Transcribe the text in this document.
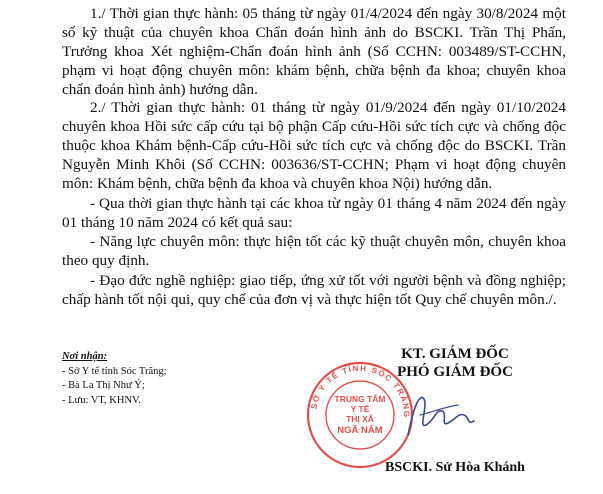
1./ Thời gian thực hành: 05 tháng từ ngày 01/4/2024 đến ngày 30/8/2024 một số kỹ thuật của chuyên khoa Chẩn đoán hình ảnh do BSCKI. Trần Thị Phấn, Trưởng khoa Xét nghiệm-Chẩn đoán hình ảnh (Số CCHN: 003489/ST-CCHN, phạm vi hoạt động chuyên môn: khám bệnh, chữa bệnh đa khoa; chuyên khoa chẩn đoán hình ảnh) hướng dẫn.

2./ Thời gian thực hành: 01 tháng từ ngày 01/9/2024 đến ngày 01/10/2024 chuyên khoa Hồi sức cấp cứu tại bộ phận Cấp cứu-Hồi sức tích cực và chống độc thuộc khoa Khám bệnh-Cấp cứu-Hồi sức tích cực và chống độc do BSCKI. Trần Nguyễn Minh Khôi (Số CCHN: 003636/ST-CCHN; Phạm vi hoạt động chuyên môn: Khám bệnh, chữa bệnh đa khoa và chuyên khoa Nội) hướng dẫn.

- Qua thời gian thực hành tại các khoa từ ngày 01 tháng 4 năm 2024 đến ngày 01 tháng 10 năm 2024 có kết quả sau:

- Năng lực chuyên môn: thực hiện tốt các kỹ thuật chuyên môn, chuyên khoa theo quy định.

- Đạo đức nghề nghiệp: giao tiếp, ứng xử tốt với người bệnh và đồng nghiệp; chấp hành tốt nội qui, quy chế của đơn vị và thực hiện tốt Quy chế chuyên môn./.

Nơi nhận:
- Sở Y tế tỉnh Sóc Trăng;
- Bà La Thị Như Ý;
- Lưu: VT, KHNV.
SỞ Y TẾ TỈNH SÓC TRĂNG
TRUNG TÂM
Y TẾ
THỊ XÃ
NGÃ NĂM
KT. GIÁM ĐỐC
PHÓ GIÁM ĐỐC
BSCKI. Sử Hòa Khánh
